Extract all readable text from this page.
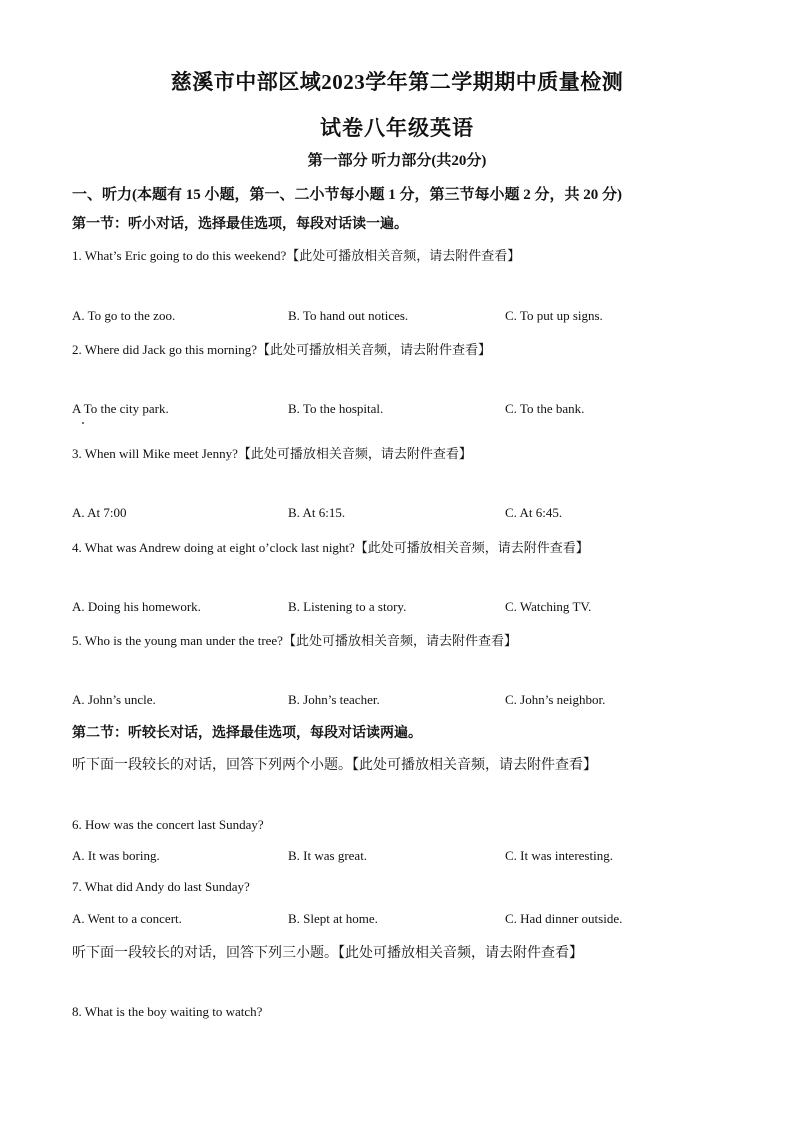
慈溪市中部区域2023学年第二学期期中质量检测
试卷八年级英语
第一部分 听力部分(共20分)
一、听力(本题有 15 小题，第一、二小节每小题 1 分，第三节每小题 2 分，共 20 分)
第一节：听小对话，选择最佳选项，每段对话读一遍。
1. What’s Eric going to do this weekend?【此处可播放相关音频，请去附件查看】
A. To go to the zoo.	B. To hand out notices.	C. To put up signs.
2. Where did Jack go this morning?【此处可播放相关音频，请去附件查看】
A To the city park.	B. To the hospital.	C. To the bank.
3. When will Mike meet Jenny?【此处可播放相关音频，请去附件查看】
A. At 7:00	B. At 6:15.	C. At 6:45.
4. What was Andrew doing at eight o’clock last night?【此处可播放相关音频，请去附件查看】
A. Doing his homework.	B. Listening to a story.	C. Watching TV.
5. Who is the young man under the tree?【此处可播放相关音频，请去附件查看】
A. John’s uncle.	B. John’s teacher.	C. John’s neighbor.
第二节：听较长对话，选择最佳选项，每段对话读两遍。
听下面一段较长的对话，回答下列两个小题。【此处可播放相关音频，请去附件查看】
6. How was the concert last Sunday?
A. It was boring.	B. It was great.	C. It was interesting.
7. What did Andy do last Sunday?
A. Went to a concert.	B. Slept at home.	C. Had dinner outside.
听下面一段较长的对话，回答下列三小题。【此处可播放相关音频，请去附件查看】
8. What is the boy waiting to watch?
